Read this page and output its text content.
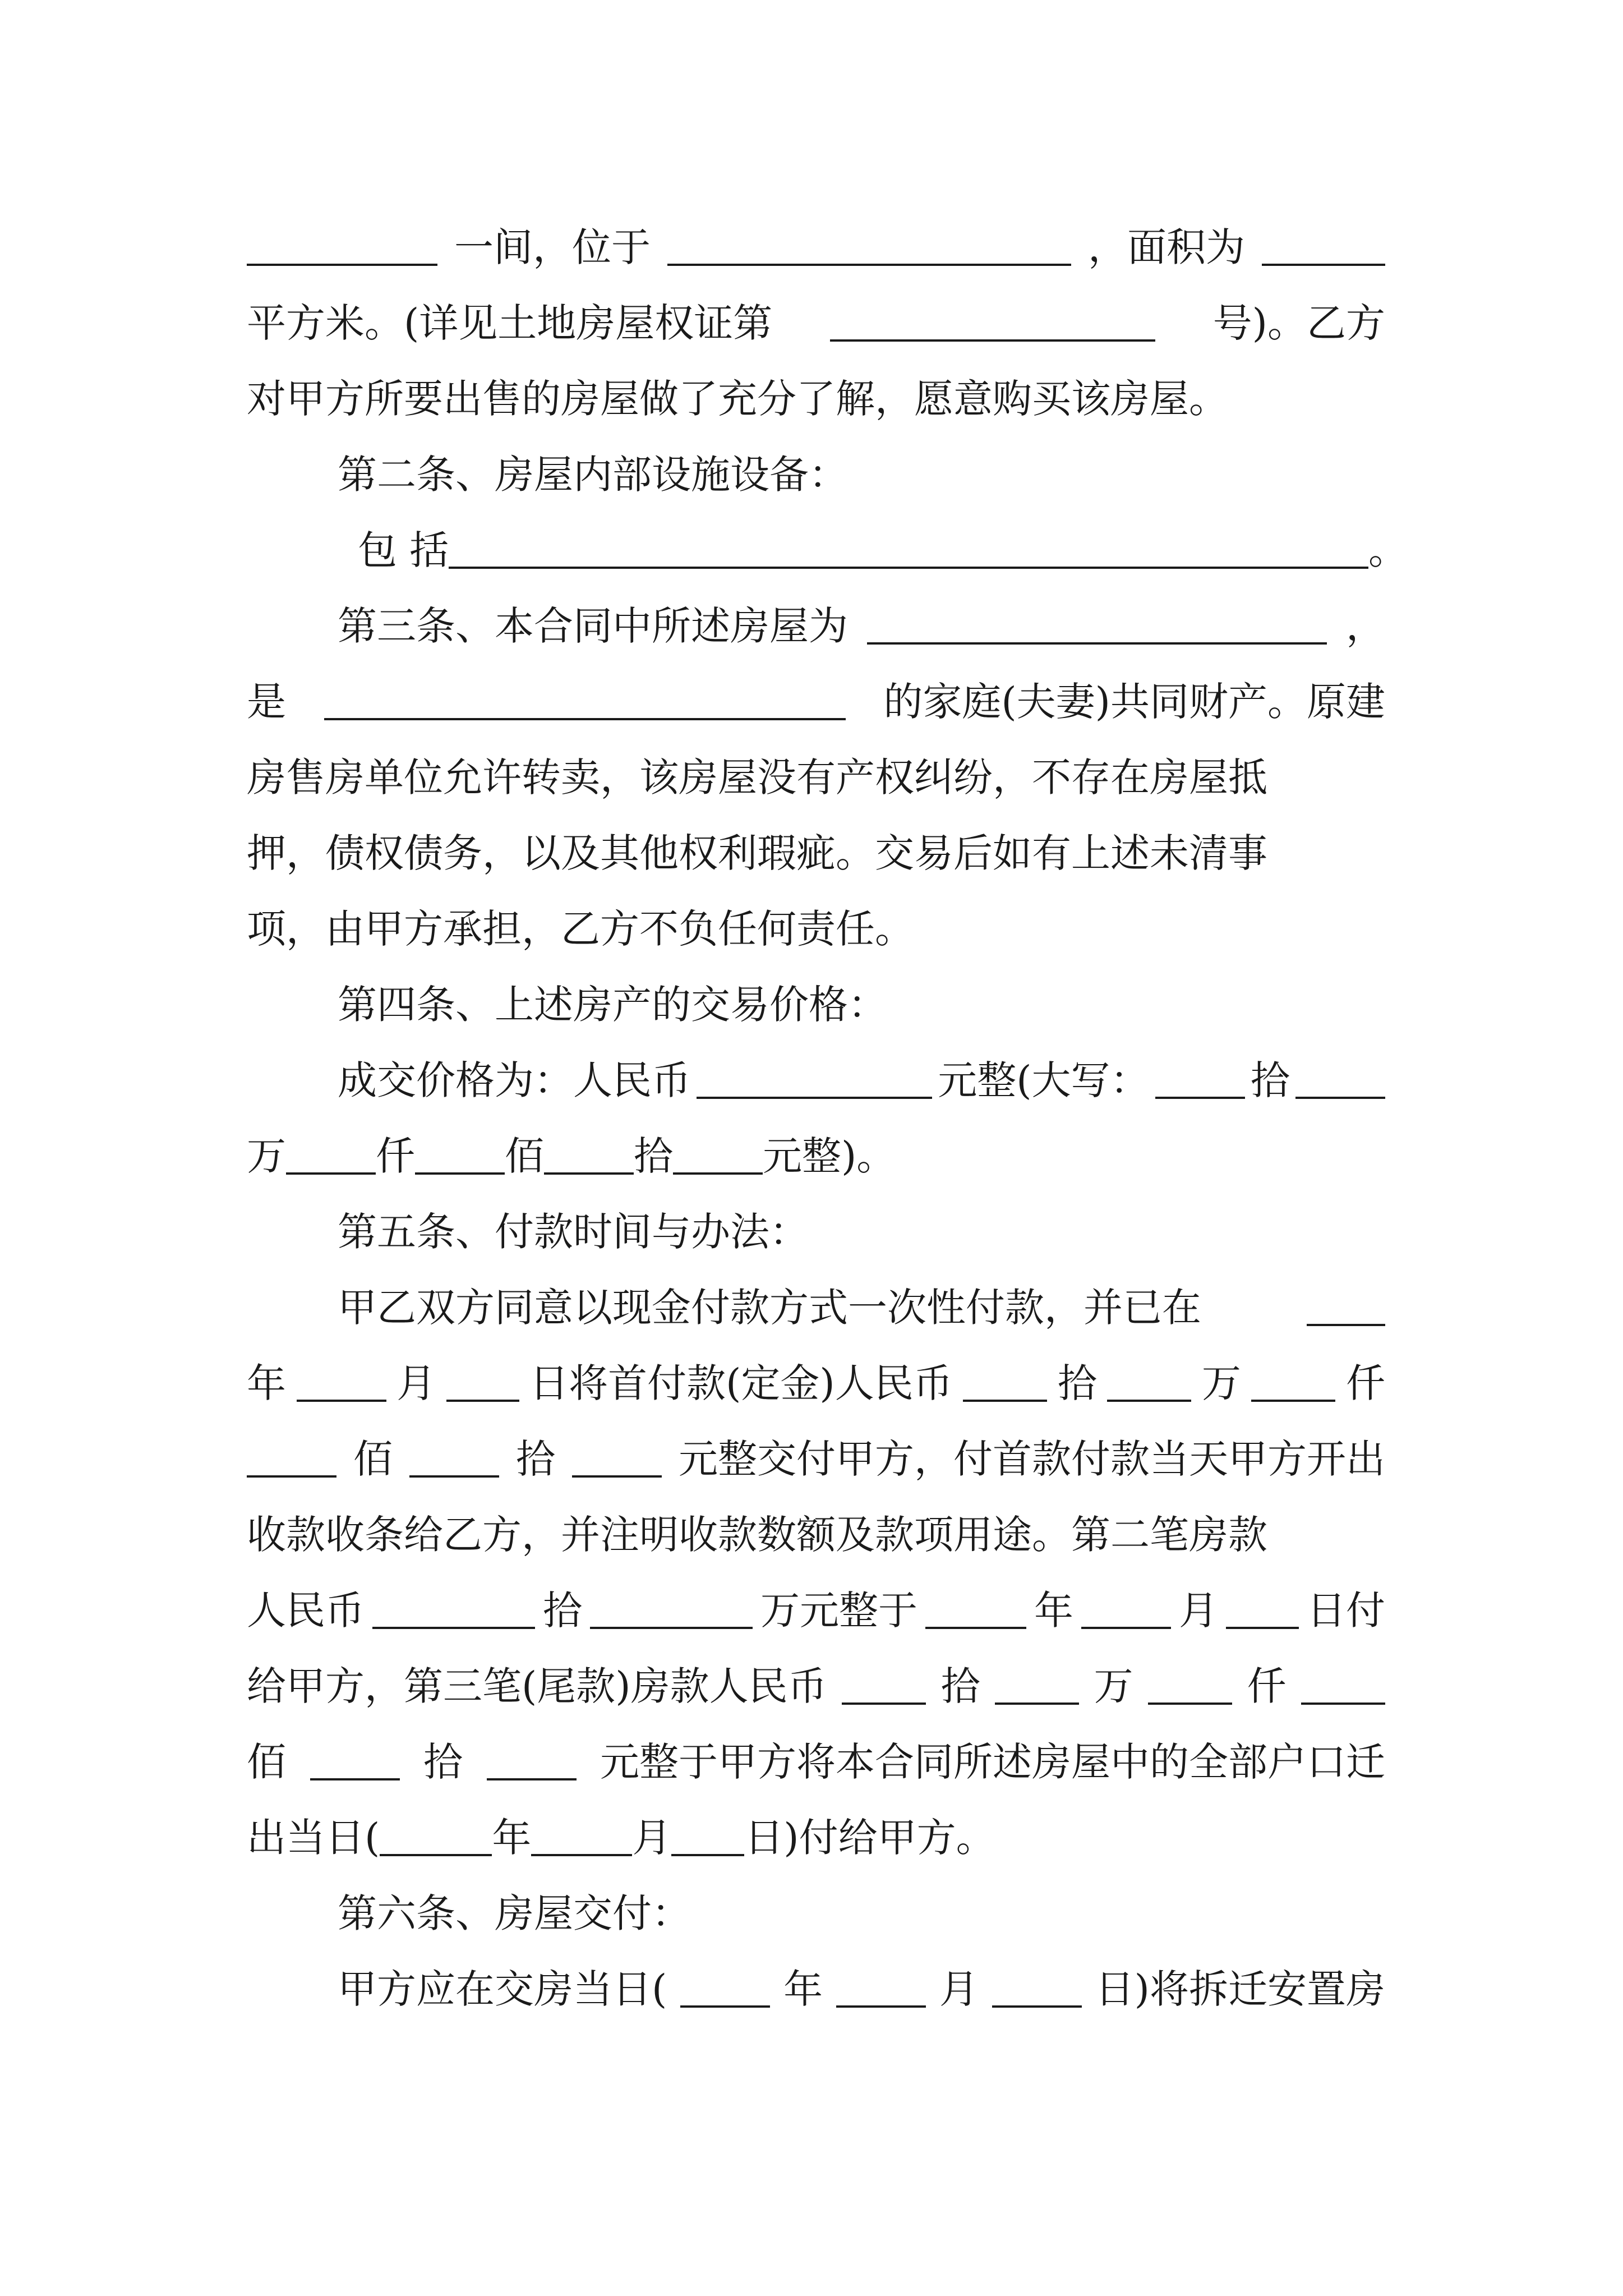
一间，位于	，面积为
平方米。(详见土地房屋权证第	号)。乙方
对甲方所要出售的房屋做了充分了解，愿意购买该房屋。
第二条、房屋内部设施设备：
包 括	。
第三条、本合同中所述房屋为	，
是	的家庭(夫妻)共同财产。原建
房售房单位允许转卖，该房屋没有产权纠纷，不存在房屋抵
押，债权债务，以及其他权利瑕疵。交易后如有上述未清事
项，由甲方承担，乙方不负任何责任。
第四条、上述房产的交易价格：
成交价格为：人民币	元整(大写：	拾
万 仟 佰 拾 元整)。
第五条、付款时间与办法：
甲乙双方同意以现金付款方式一次性付款，并已在
年	月 日将首付款(定金)人民币	拾	万	仟
佰	拾	元整交付甲方，付首款付款当天甲方开出
收款收条给乙方，并注明收款数额及款项用途。第二笔房款
人民币	拾	万元整于	年	月 日付
给甲方，第三笔(尾款)房款人民币	拾	万	仟
佰	拾	元整于甲方将本合同所述房屋中的全部户口迁
出当日(	年	月 日)付给甲方。
第六条、房屋交付：
甲方应在交房当日(	年	月	日)将拆迁安置房
